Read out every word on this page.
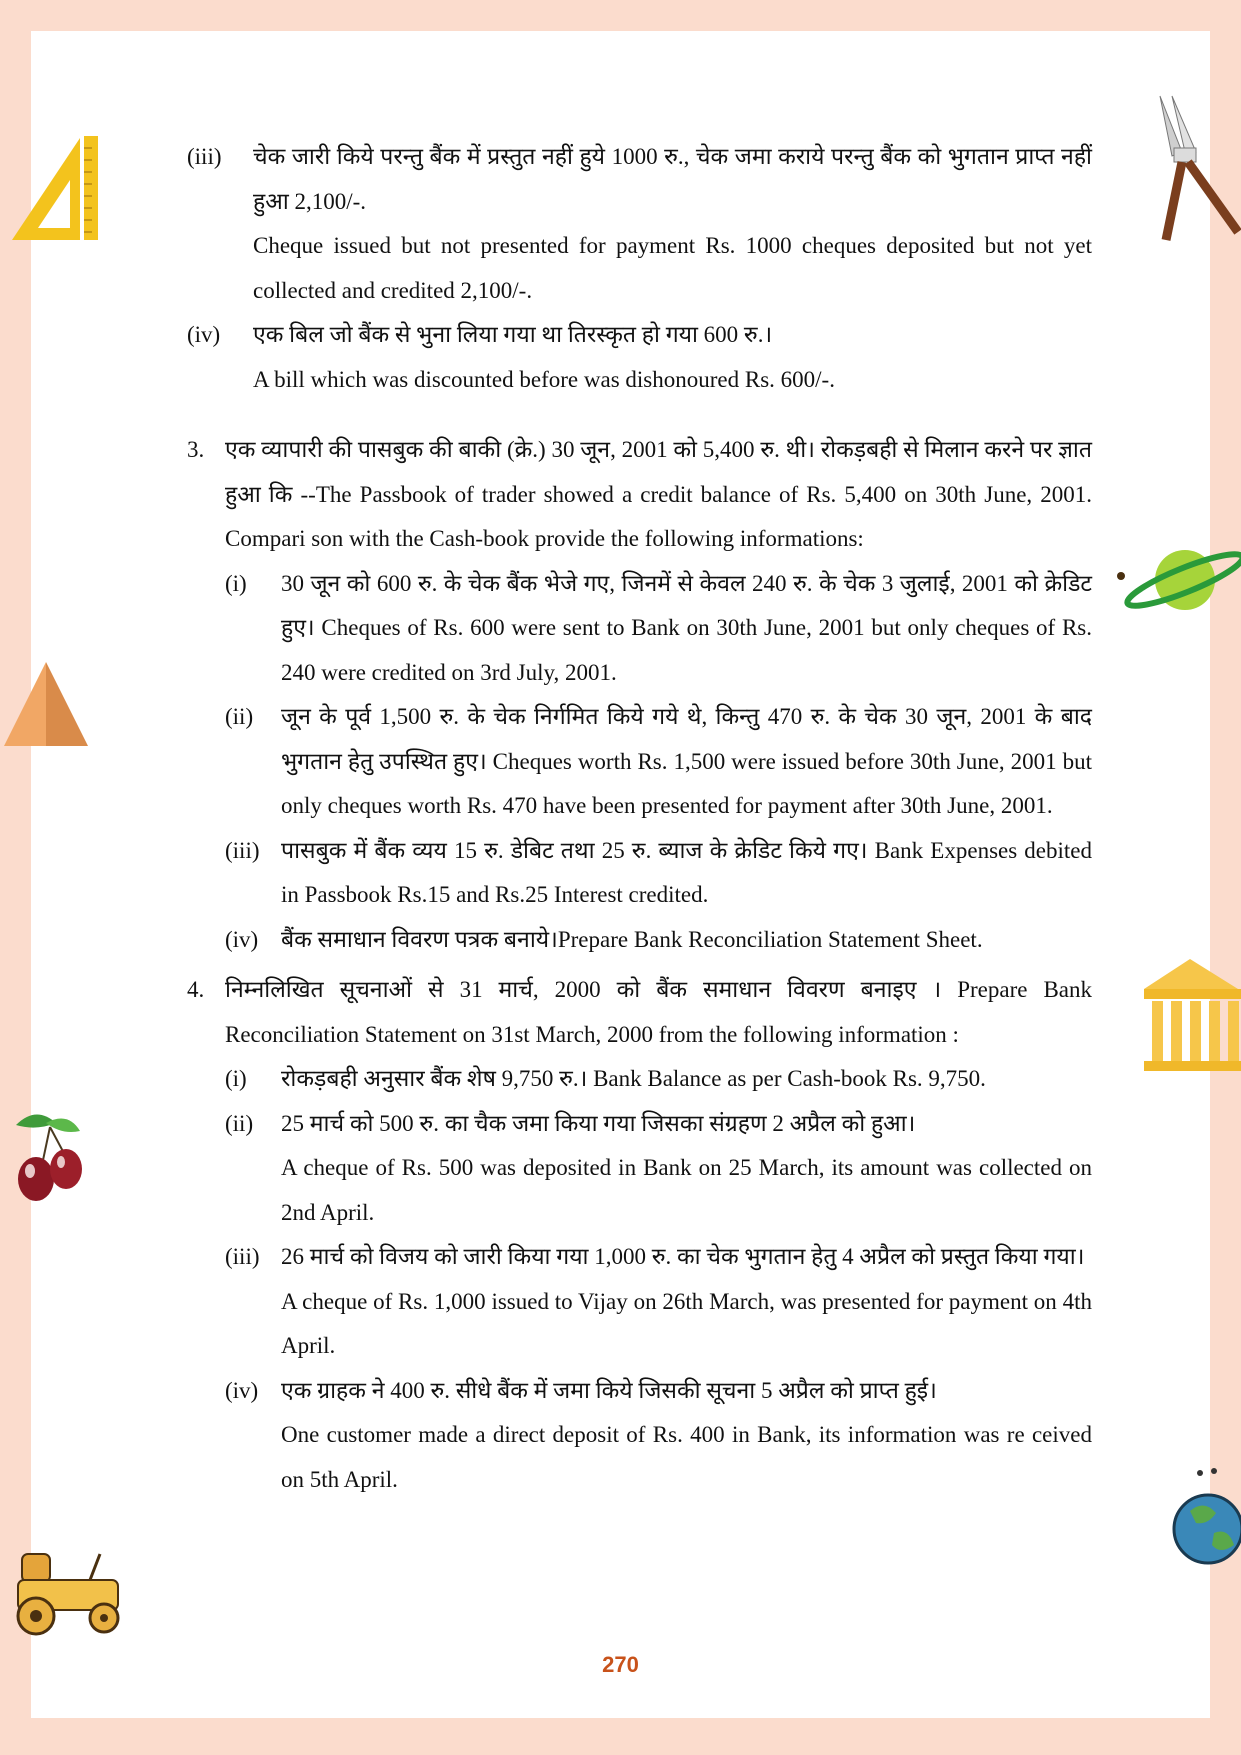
(iii)	चेक जारी किये परन्तु बैंक में प्रस्तुत नहीं हुये 1000 रु., चेक जमा कराये परन्तु बैंक को भुगतान प्राप्त नहीं हुआ 2,100/-.
Cheque issued but not presented for payment Rs. 1000 cheques deposited but not yet collected and credited 2,100/-.
(iv)	एक बिल जो बैंक से भुना लिया गया था तिरस्कृत हो गया 600 रु.।
A bill which was discounted before was dishonoured Rs. 600/-.
3. एक व्यापारी की पासबुक की बाकी (क्रे.) 30 जून, 2001 को 5,400 रु. थी। रोकड़बही से मिलान करने पर ज्ञात हुआ कि --The Passbook of trader showed a credit balance of Rs. 5,400 on 30th June, 2001. Compari son with the Cash-book provide the following informations:
(i)	30 जून को 600 रु. के चेक बैंक भेजे गए, जिनमें से केवल 240 रु. के चेक 3 जुलाई, 2001 को क्रेडिट हुए। Cheques of Rs. 600 were sent to Bank on 30th June, 2001 but only cheques of Rs. 240 were credited on 3rd July, 2001.
(ii)	जून के पूर्व 1,500 रु. के चेक निर्गमित किये गये थे, किन्तु 470 रु. के चेक 30 जून, 2001 के बाद भुगतान हेतु उपस्थित हुए। Cheques worth Rs. 1,500 were issued before 30th June, 2001 but only cheques worth Rs. 470 have been presented for payment after 30th June, 2001.
(iii) पासबुक में बैंक व्यय 15 रु. डेबिट तथा 25 रु. ब्याज के क्रेडिट किये गए। Bank Expenses debited in Passbook Rs.15 and Rs.25 Interest credited.
(iv) बैंक समाधान विवरण पत्रक बनाये।Prepare Bank Reconciliation Statement Sheet.
4. निम्नलिखित सूचनाओं से 31 मार्च, 2000 को बैंक समाधान विवरण बनाइए । Prepare Bank Reconciliation Statement on 31st March, 2000 from the following information :
(i)	रोकड़बही अनुसार बैंक शेष 9,750 रु.। Bank Balance as per Cash-book Rs. 9,750.
(ii)	25 मार्च को 500 रु. का चैक जमा किया गया जिसका संग्रहण 2 अप्रैल को हुआ।
A cheque of Rs. 500 was deposited in Bank on 25 March, its amount was collected on 2nd April.
(iii) 26 मार्च को विजय को जारी किया गया 1,000 रु. का चेक भुगतान हेतु 4 अप्रैल को प्रस्तुत किया गया।
A cheque of Rs. 1,000 issued to Vijay on 26th March, was presented for payment on 4th April.
(iv) एक ग्राहक ने 400 रु. सीधे बैंक में जमा किये जिसकी सूचना 5 अप्रैल को प्राप्त हुई।
One customer made a direct deposit of Rs. 400 in Bank, its information was re ceived on 5th April.
270
